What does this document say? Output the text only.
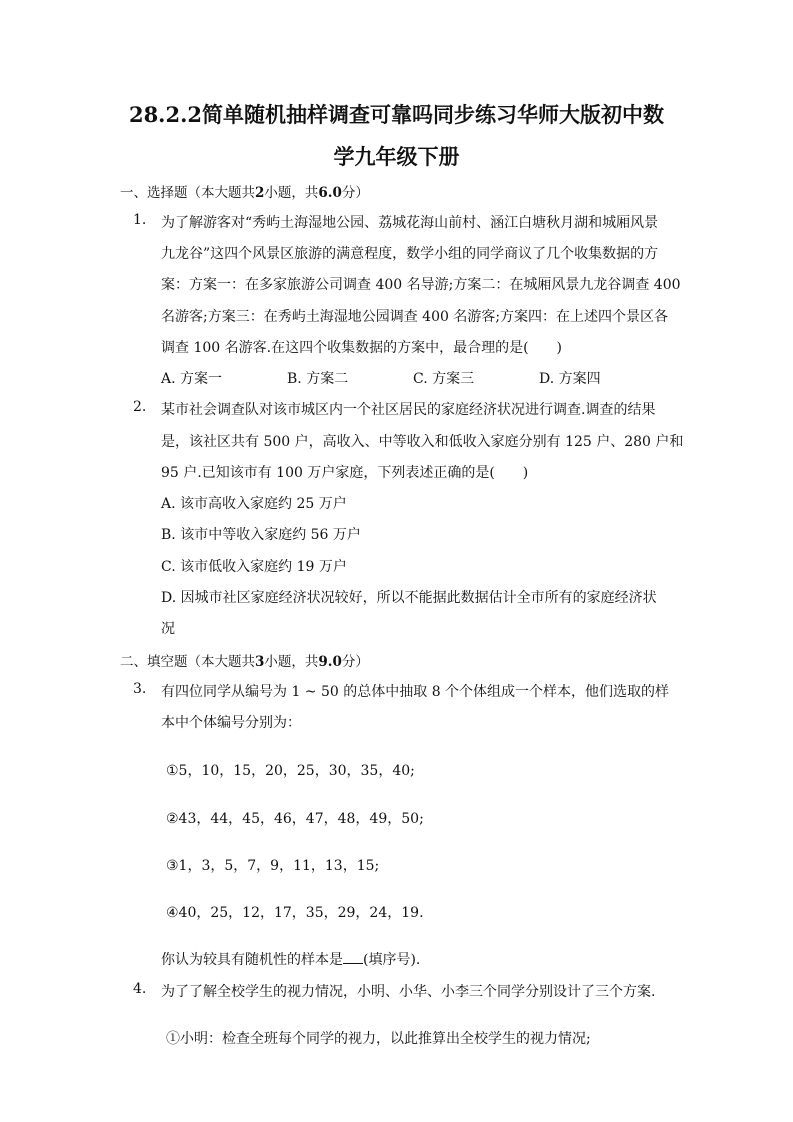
28.2.2简单随机抽样调查可靠吗同步练习华师大版初中数
学九年级下册
一、选择题（本大题共2小题，共6.0分）
1. 为了解游客对“秀屿土海湿地公园、荔城花海山前村、涵江白塘秋月湖和城厢风景
九龙谷”这四个风景区旅游的满意程度，数学小组的同学商议了几个收集数据的方
案：方案一：在多家旅游公司调查 400 名导游;方案二：在城厢风景九龙谷调查 400
名游客;方案三：在秀屿土海湿地公园调查 400 名游客;方案四：在上述四个景区各
调查 100 名游客.在这四个收集数据的方案中，最合理的是(　　)
A. 方案一	B. 方案二	C. 方案三	D. 方案四
2. 某市社会调查队对该市城区内一个社区居民的家庭经济状况进行调查.调查的结果
是，该社区共有 500 户，高收入、中等收入和低收入家庭分别有 125 户、280 户和
95 户.已知该市有 100 万户家庭，下列表述正确的是(　　)
A. 该市高收入家庭约 25 万户
B. 该市中等收入家庭约 56 万户
C. 该市低收入家庭约 19 万户
D. 因城市社区家庭经济状况较好，所以不能据此数据估计全市所有的家庭经济状
况
二、填空题（本大题共3小题，共9.0分）
3. 有四位同学从编号为 1 ~ 50 的总体中抽取 8 个个体组成一个样本，他们选取的样
本中个体编号分别为：
①5，10，15，20，25，30，35，40;
②43，44，45，46，47，48，49，50;
③1，3，5，7，9，11，13，15;
④40，25，12，17，35，29，24，19.
你认为较具有随机性的样本是 (填序号).
4. 为了了解全校学生的视力情况，小明、小华、小李三个同学分别设计了三个方案.
①小明：检查全班每个同学的视力，以此推算出全校学生的视力情况;
